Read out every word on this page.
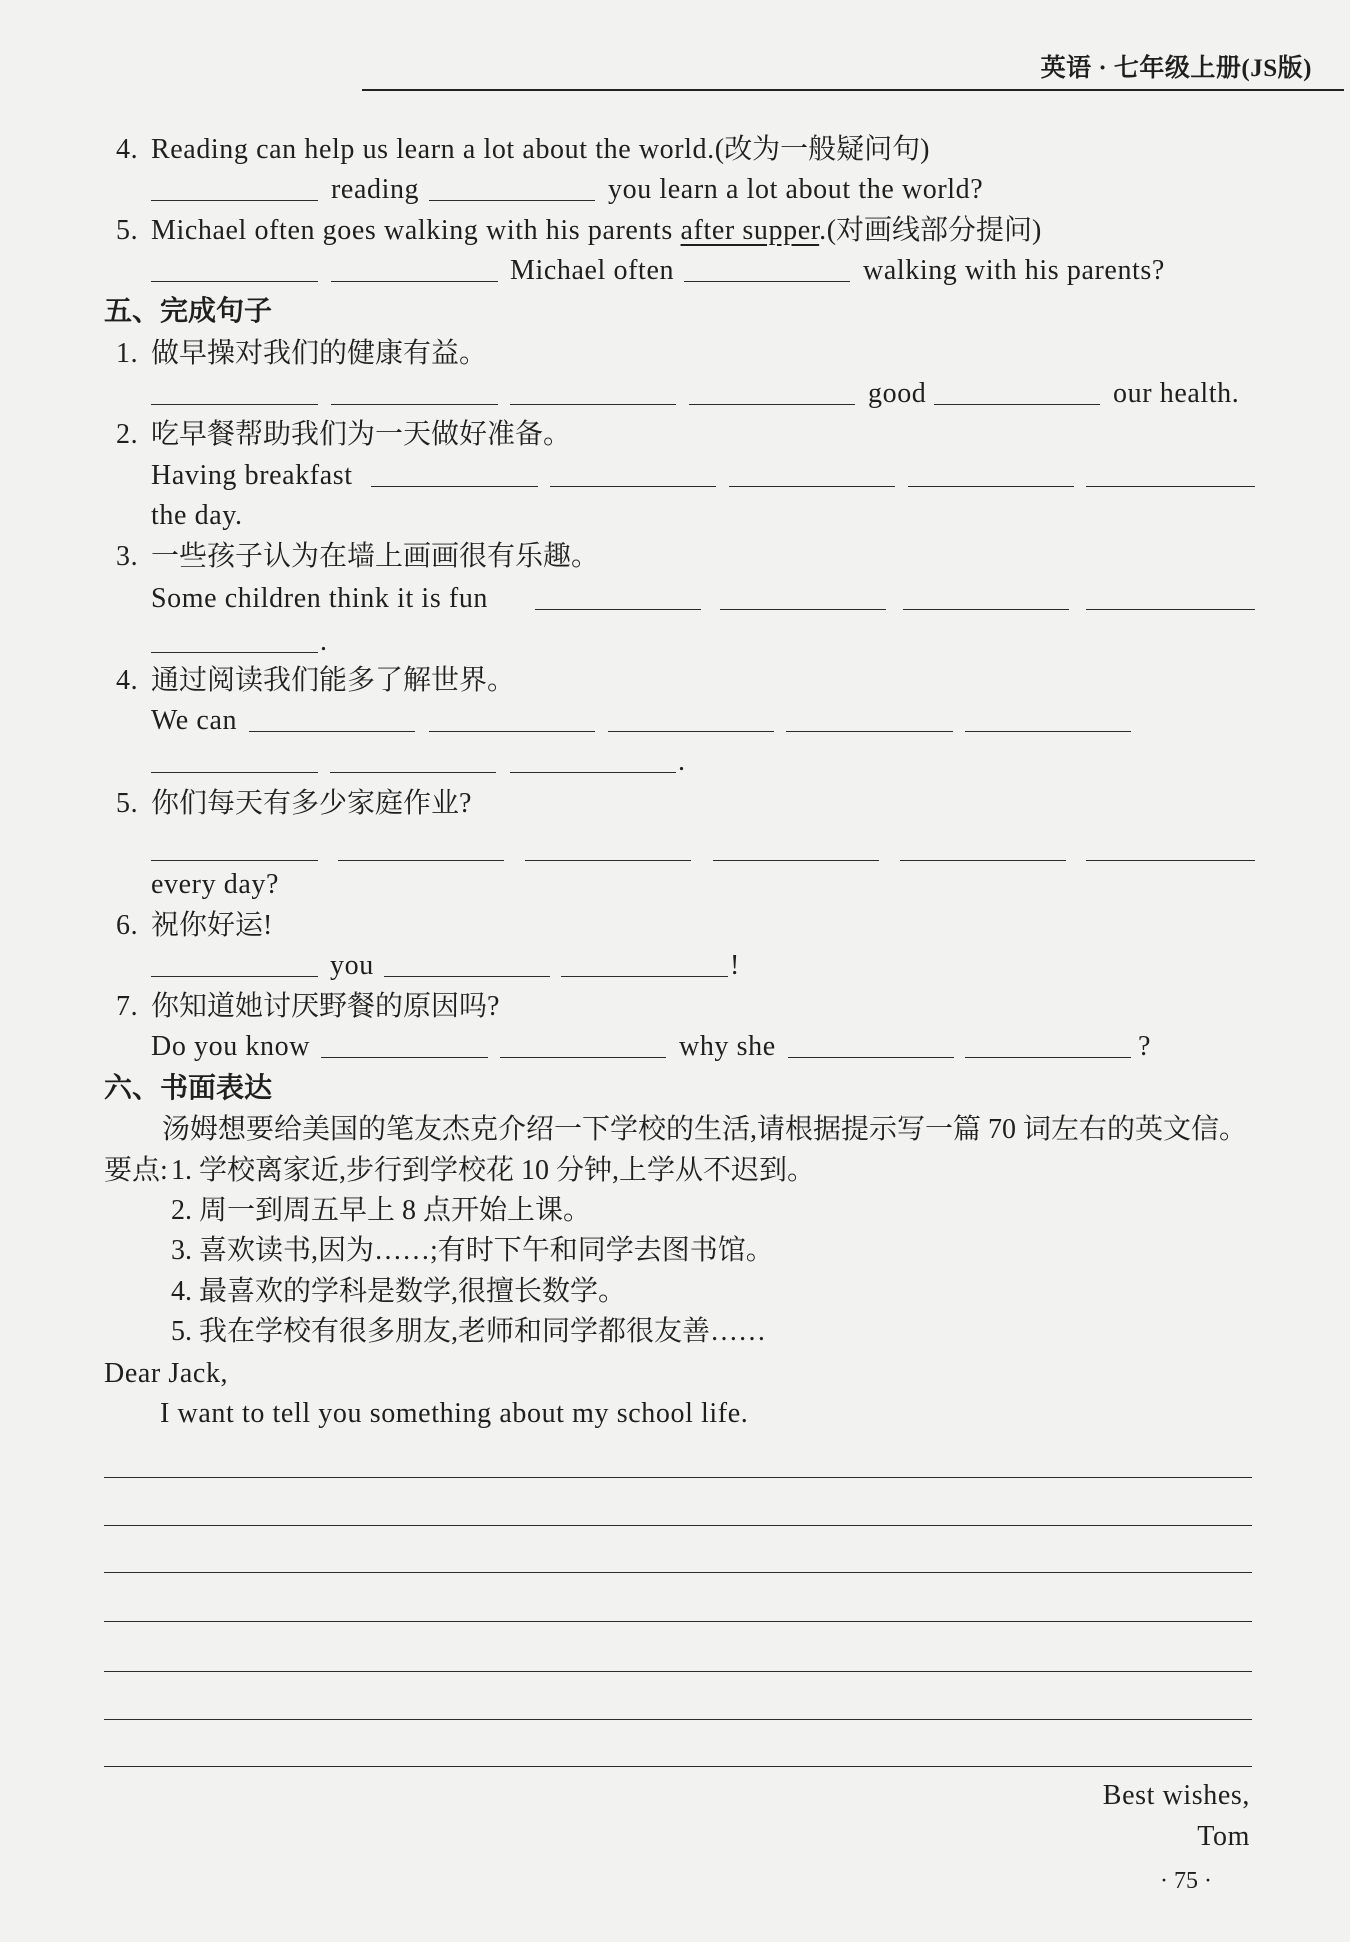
英语 · 七年级上册(JS版)
4. Reading can help us learn a lot about the world.(改为一般疑问句)
reading	you learn a lot about the world?
5. Michael often goes walking with his parents after supper.(对画线部分提问)
Michael often	walking with his parents?
五、完成句子
1. 做早操对我们的健康有益。
good	our health.
2. 吃早餐帮助我们为一天做好准备。
Having breakfast
the day.
3. 一些孩子认为在墙上画画很有乐趣。
Some children think it is fun
.
4. 通过阅读我们能多了解世界。
We can
.
5. 你们每天有多少家庭作业?
every day?
6. 祝你好运!
you	!
7. 你知道她讨厌野餐的原因吗?
Do you know	why she	?
六、书面表达
汤姆想要给美国的笔友杰克介绍一下学校的生活,请根据提示写一篇 70 词左右的英文信。
要点: 1. 学校离家近,步行到学校花 10 分钟,上学从不迟到。
2. 周一到周五早上 8 点开始上课。
3. 喜欢读书,因为……;有时下午和同学去图书馆。
4. 最喜欢的学科是数学,很擅长数学。
5. 我在学校有很多朋友,老师和同学都很友善……
Dear Jack,
I want to tell you something about my school life.
Best wishes,
Tom
· 75 ·
